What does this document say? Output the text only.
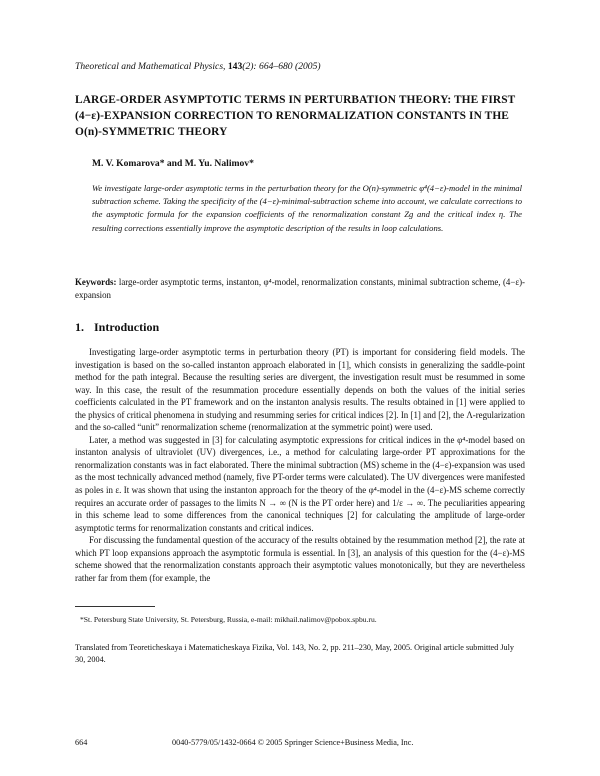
Theoretical and Mathematical Physics, 143(2): 664–680 (2005)
LARGE-ORDER ASYMPTOTIC TERMS IN PERTURBATION THEORY: THE FIRST (4−ε)-EXPANSION CORRECTION TO RENORMALIZATION CONSTANTS IN THE O(n)-SYMMETRIC THEORY
M. V. Komarova* and M. Yu. Nalimov*
We investigate large-order asymptotic terms in the perturbation theory for the O(n)-symmetric φ⁴(4−ε)-model in the minimal subtraction scheme. Taking the specificity of the (4−ε)-minimal-subtraction scheme into account, we calculate corrections to the asymptotic formula for the expansion coefficients of the renormalization constant Zg and the critical index η. The resulting corrections essentially improve the asymptotic description of the results in loop calculations.
Keywords: large-order asymptotic terms, instanton, φ⁴-model, renormalization constants, minimal subtraction scheme, (4−ε)-expansion
1. Introduction

Investigating large-order asymptotic terms in perturbation theory (PT) is important for considering field models. The investigation is based on the so-called instanton approach elaborated in [1], which consists in generalizing the saddle-point method for the path integral. Because the resulting series are divergent, the investigation result must be resummed in some way. In this case, the result of the resummation procedure essentially depends on both the values of the initial series coefficients calculated in the PT framework and on the instanton analysis results. The results obtained in [1] were applied to the physics of critical phenomena in studying and resumming series for critical indices [2]. In [1] and [2], the Λ-regularization and the so-called “unit” renormalization scheme (renormalization at the symmetric point) were used.

Later, a method was suggested in [3] for calculating asymptotic expressions for critical indices in the φ⁴-model based on instanton analysis of ultraviolet (UV) divergences, i.e., a method for calculating large-order PT approximations for the renormalization constants was in fact elaborated. There the minimal subtraction (MS) scheme in the (4−ε)-expansion was used as the most technically advanced method (namely, five PT-order terms were calculated). The UV divergences were manifested as poles in ε. It was shown that using the instanton approach for the theory of the φ⁴-model in the (4−ε)-MS scheme correctly requires an accurate order of passages to the limits N → ∞ (N is the PT order here) and 1/ε → ∞. The peculiarities appearing in this scheme lead to some differences from the canonical techniques [2] for calculating the amplitude of large-order asymptotic terms for renormalization constants and critical indices.

For discussing the fundamental question of the accuracy of the results obtained by the resummation method [2], the rate at which PT loop expansions approach the asymptotic formula is essential. In [3], an analysis of this question for the (4−ε)-MS scheme showed that the renormalization constants approach their asymptotic values monotonically, but they are nevertheless rather far from them (for example, the

*St. Petersburg State University, St. Petersburg, Russia, e-mail: mikhail.nalimov@pobox.spbu.ru.
Translated from Teoreticheskaya i Matematicheskaya Fizika, Vol. 143, No. 2, pp. 211–230, May, 2005. Original article submitted July 30, 2004.
664	0040-5779/05/1432-0664 © 2005 Springer Science+Business Media, Inc.
